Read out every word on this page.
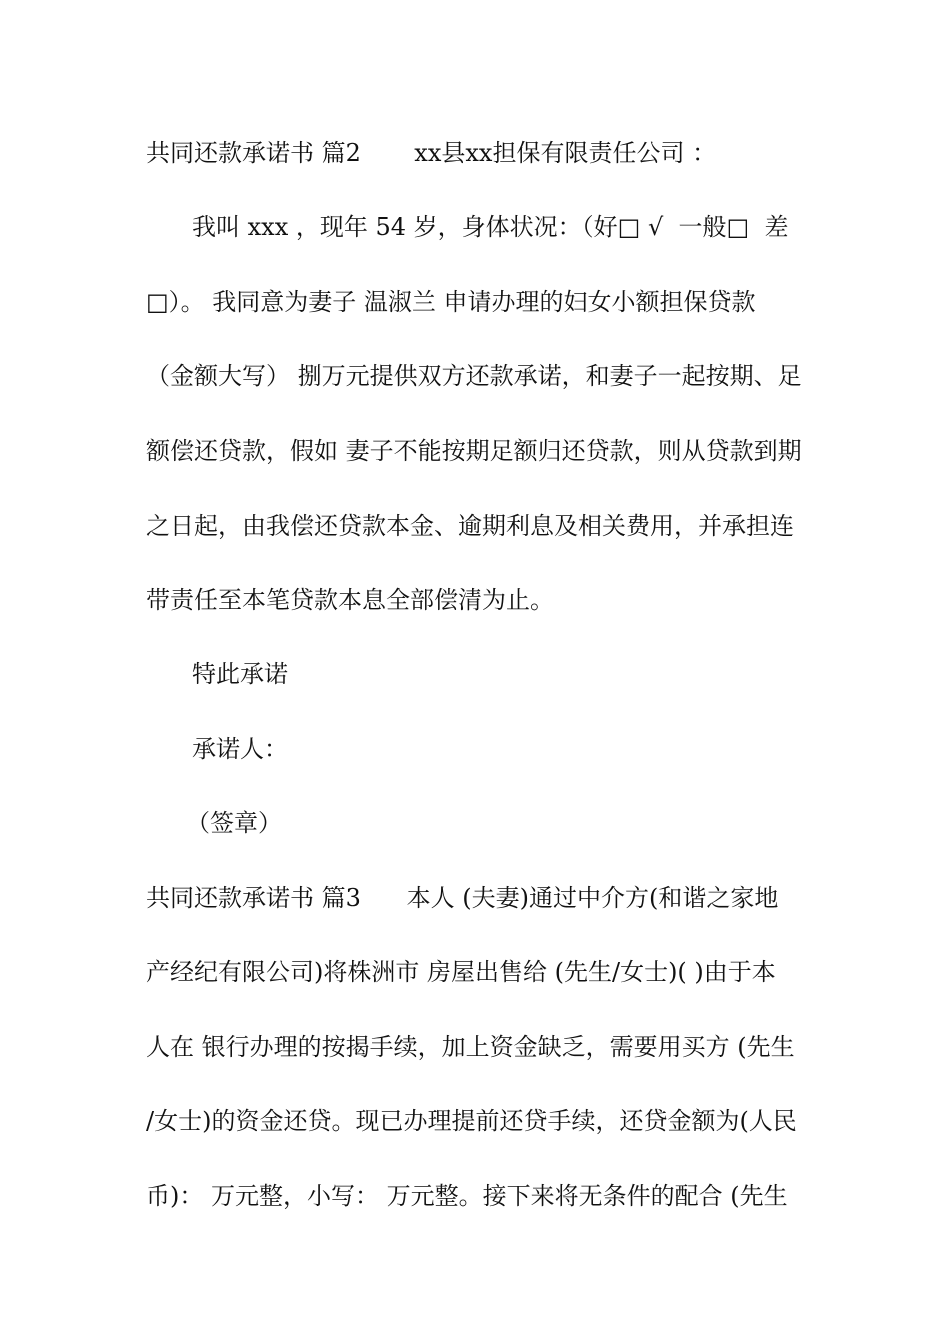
共同还款承诺书 篇2       xx县xx担保有限责任公司 ：
我叫 xxx ，现年 54 岁，身体状况：（好□ √  一般□  差
□）。 我同意为妻子 温淑兰 申请办理的妇女小额担保贷款
（金额大写） 捌万元提供双方还款承诺，和妻子一起按期、足
额偿还贷款，假如 妻子不能按期足额归还贷款，则从贷款到期
之日起，由我偿还贷款本金、逾期利息及相关费用，并承担连
带责任至本笔贷款本息全部偿清为止。
特此承诺
承诺人：
（签章）
共同还款承诺书 篇3      本人 (夫妻)通过中介方(和谐之家地
产经纪有限公司)将株洲市 房屋出售给 (先生/女士)( )由于本
人在 银行办理的按揭手续，加上资金缺乏，需要用买方 (先生
/女士)的资金还贷。现已办理提前还贷手续，还贷金额为(人民
币)： 万元整，小写： 万元整。接下来将无条件的配合 (先生
